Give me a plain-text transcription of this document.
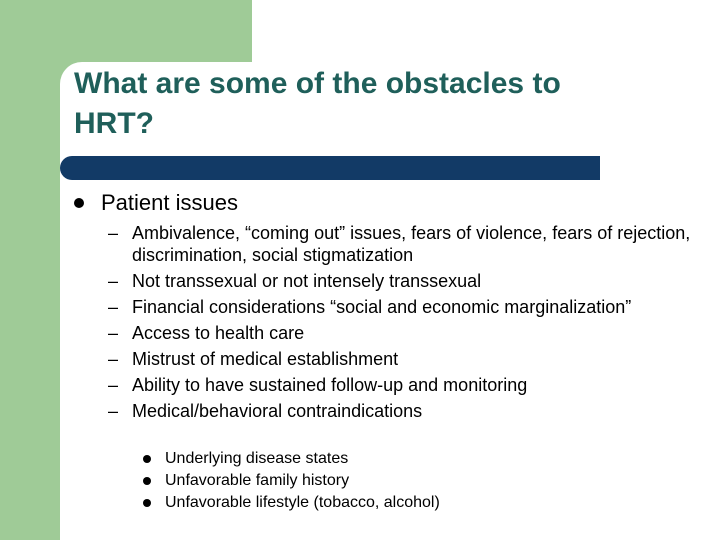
What are some of the obstacles to HRT?
Patient issues
– Ambivalence, “coming out” issues, fears of violence, fears of rejection, discrimination, social stigmatization
– Not transsexual or not intensely transsexual
– Financial considerations “social and economic marginalization”
– Access to health care
– Mistrust of medical establishment
– Ability to have sustained follow-up and monitoring
– Medical/behavioral contraindications
Underlying disease states
Unfavorable family history
Unfavorable lifestyle (tobacco, alcohol)
